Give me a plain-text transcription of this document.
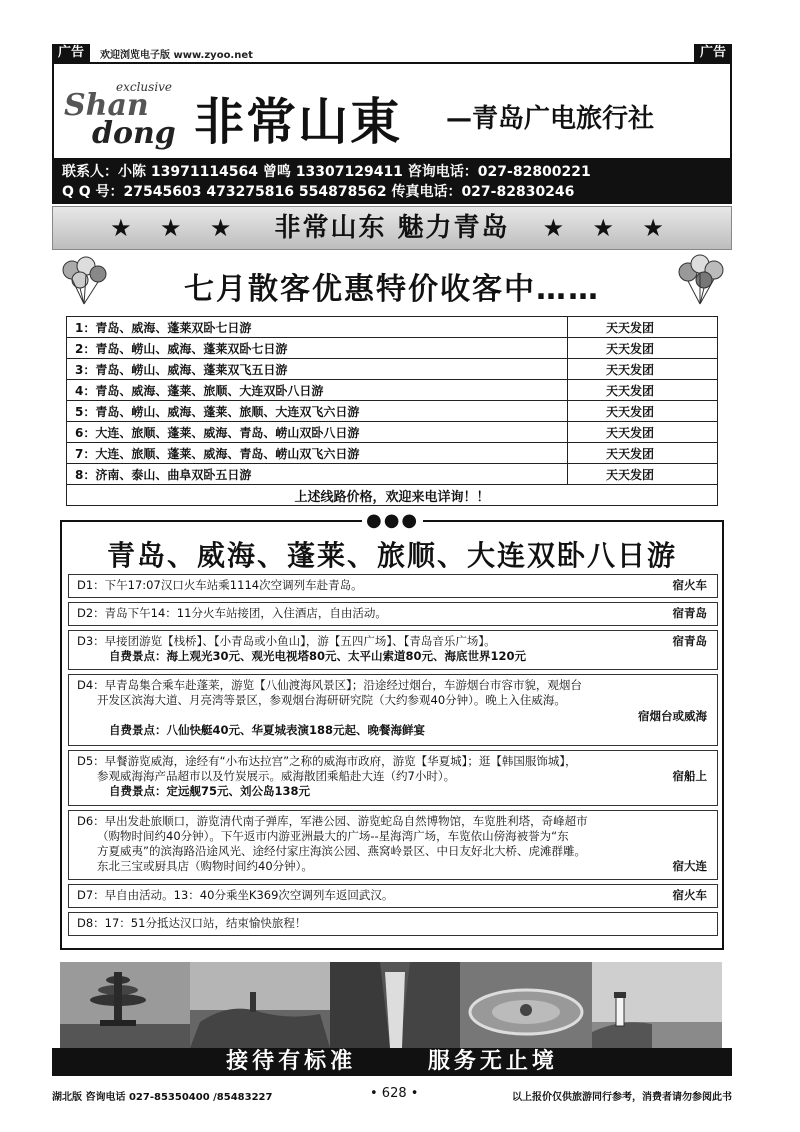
广告	欢迎浏览电子版 www.zyoo.net	广告
exclusive
Shan
dong 非常山東 —青岛广电旅行社
联系人：小陈 13971114564 曾鸣 13307129411 咨询电话：027-82800221
Q Q 号：27545603 473275816 554878562 传真电话：027-82830246
★ ★ ★ 非常山东 魅力青岛 ★ ★ ★
七月散客优惠特价收客中……
1：青岛、威海、蓬莱双卧七日游	天天发团
2：青岛、崂山、威海、蓬莱双卧七日游	天天发团
3：青岛、崂山、威海、蓬莱双飞五日游	天天发团
4：青岛、威海、蓬莱、旅顺、大连双卧八日游	天天发团
5：青岛、崂山、威海、蓬莱、旅顺、大连双飞六日游	天天发团
6：大连、旅顺、蓬莱、威海、青岛、崂山双卧八日游	天天发团
7：大连、旅顺、蓬莱、威海、青岛、崂山双飞六日游	天天发团
8：济南、泰山、曲阜双卧五日游	天天发团
上述线路价格，欢迎来电详询！！	
●●●
青岛、威海、蓬莱、旅顺、大连双卧八日游
D1：下午17:07汉口火车站乘1114次空调列车赴青岛。	宿火车
D2：青岛下午14：11分火车站接团，入住酒店，自由活动。	宿青岛
D3：早接团游览【栈桥】、【小青岛或小鱼山】，游【五四广场】、【青岛音乐广场】。
自费景点：海上观光30元、观光电视塔80元、太平山索道80元、海底世界120元
宿青岛
D4：早青岛集合乘车赴蓬莱，游览【八仙渡海风景区】；沿途经过烟台，车游烟台市容市貌，观烟台
开发区滨海大道、月亮湾等景区，参观烟台海研研究院（大约参观40分钟）。晚上入住威海。
宿烟台或威海
自费景点：八仙快艇40元、华夏城表演188元起、晚餐海鲜宴
D5：早餐游览威海，途经有“小布达拉宫”之称的威海市政府，游览【华夏城】；逛【韩国服饰城】，
参观威海海产品超市以及竹炭展示。威海散团乘船赴大连（约7小时）。
自费景点：定远舰75元、刘公岛138元
宿船上
D6：早出发赴旅顺口，游览清代南子弹库，军港公园、游览蛇岛自然博物馆，车览胜利塔，奇峰超市
（购物时间约40分钟）。下午返市内游亚洲最大的广场--星海湾广场，车览依山傍海被誉为“东
方夏威夷”的滨海路沿途风光、途经付家庄海滨公园、燕窝岭景区、中日友好北大桥、虎滩群雕。
东北三宝或厨具店（购物时间约40分钟）。	宿大连
D7：早自由活动。13：40分乘坐K369次空调列车返回武汉。	宿火车
D8：17：51分抵达汉口站，结束愉快旅程！
接待有标准	服务无止境
湖北版 咨询电话 027-85350400 /85483227	• 628 •	以上报价仅供旅游同行参考，消费者请勿参阅此书
